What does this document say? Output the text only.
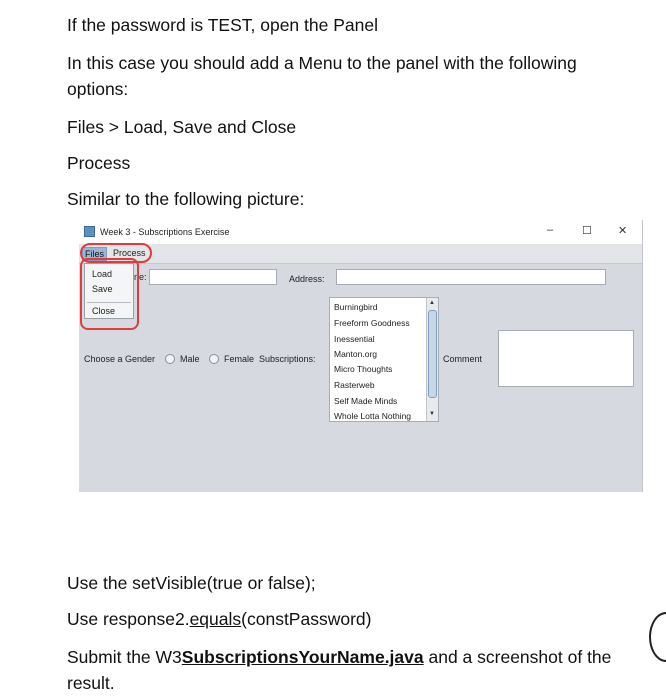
If the password is TEST, open the Panel

In this case you should add a Menu to the panel with the following options:

Files > Load, Save and Close

Process

Similar to the following picture:

Week 3 - Subscriptions Exercise	–	☐ ✕
Files Process
ne:	Address:
Choose a Gender	Male	Female Subscriptions:
Burningbird
Freeform Goodness
Inessential
Manton.org
Micro Thoughts
Rasterweb
Self Made Minds
Whole Lotta Nothing
▲
▼
Comment
Load
Save
Close

Use the setVisible(true or false);

Use response2.equals(constPassword)

Submit the W3SubscriptionsYourName.java and a screenshot of the result.
